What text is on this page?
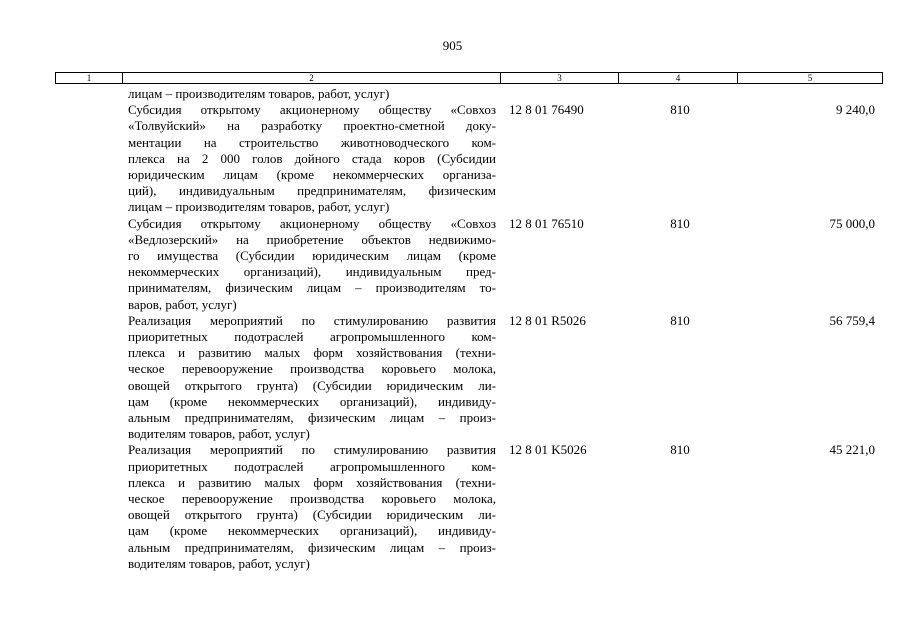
905
1	2	3	4	5
лицам – производителям товаров, работ, услуг)
Субсидия открытому акционерному обществу «Совхоз
«Толвуйский» на разработку проектно-сметной доку-
ментации на строительство животноводческого ком-
плекса на 2 000 голов дойного стада коров (Субсидии
юридическим лицам (кроме некоммерческих организа-
ций), индивидуальным предпринимателям, физическим
лицам – производителям товаров, работ, услуг)
12 8 01 76490	810	9 240,0
Субсидия открытому акционерному обществу «Совхоз
«Ведлозерский» на приобретение объектов недвижимо-
го имущества (Субсидии юридическим лицам (кроме
некоммерческих организаций), индивидуальным пред-
принимателям, физическим лицам – производителям то-
варов, работ, услуг)
12 8 01 76510	810	75 000,0
Реализация мероприятий по стимулированию развития
приоритетных подотраслей агропромышленного ком-
плекса и развитию малых форм хозяйствования (техни-
ческое перевооружение производства коровьего молока,
овощей открытого грунта) (Субсидии юридическим ли-
цам (кроме некоммерческих организаций), индивиду-
альным предпринимателям, физическим лицам – произ-
водителям товаров, работ, услуг)
12 8 01 R5026	810	56 759,4
Реализация мероприятий по стимулированию развития
приоритетных подотраслей агропромышленного ком-
плекса и развитию малых форм хозяйствования (техни-
ческое перевооружение производства коровьего молока,
овощей открытого грунта) (Субсидии юридическим ли-
цам (кроме некоммерческих организаций), индивиду-
альным предпринимателям, физическим лицам – произ-
водителям товаров, работ, услуг)
12 8 01 K5026	810	45 221,0
